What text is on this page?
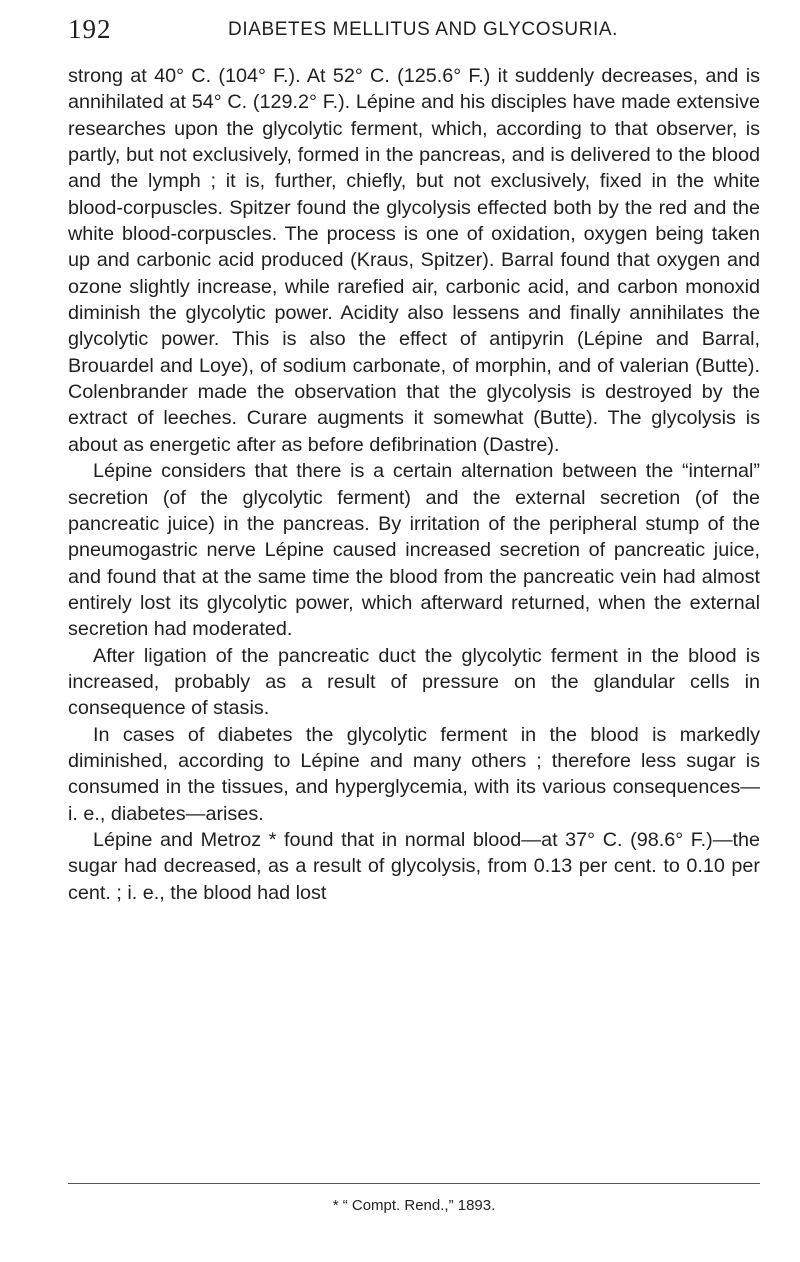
192	DIABETES MELLITUS AND GLYCOSURIA.

strong at 40° C. (104° F.). At 52° C. (125.6° F.) it suddenly decreases, and is annihilated at 54° C. (129.2° F.). Lépine and his disciples have made extensive researches upon the glycolytic ferment, which, according to that observer, is partly, but not exclusively, formed in the pancreas, and is delivered to the blood and the lymph ; it is, further, chiefly, but not exclusively, fixed in the white blood-corpuscles. Spitzer found the glycolysis effected both by the red and the white blood-corpuscles. The process is one of oxidation, oxygen being taken up and carbonic acid produced (Kraus, Spitzer). Barral found that oxygen and ozone slightly increase, while rarefied air, carbonic acid, and carbon monoxid diminish the glycolytic power. Acidity also lessens and finally annihilates the glycolytic power. This is also the effect of antipyrin (Lépine and Barral, Brouardel and Loye), of sodium carbonate, of morphin, and of valerian (Butte). Colenbrander made the observation that the glycolysis is destroyed by the extract of leeches. Curare augments it somewhat (Butte). The glycolysis is about as energetic after as before defibrination (Dastre).

Lépine considers that there is a certain alternation between the “internal” secretion (of the glycolytic ferment) and the external secretion (of the pancreatic juice) in the pancreas. By irritation of the peripheral stump of the pneumogastric nerve Lépine caused increased secretion of pancreatic juice, and found that at the same time the blood from the pancreatic vein had almost entirely lost its glycolytic power, which afterward returned, when the external secretion had moderated.

After ligation of the pancreatic duct the glycolytic ferment in the blood is increased, probably as a result of pressure on the glandular cells in consequence of stasis.

In cases of diabetes the glycolytic ferment in the blood is markedly diminished, according to Lépine and many others ; therefore less sugar is consumed in the tissues, and hyperglycemia, with its various consequences—i. e., diabetes—arises.

Lépine and Metroz * found that in normal blood—at 37° C. (98.6° F.)—the sugar had decreased, as a result of glycolysis, from 0.13 per cent. to 0.10 per cent. ; i. e., the blood had lost

* “ Compt. Rend.,” 1893.
